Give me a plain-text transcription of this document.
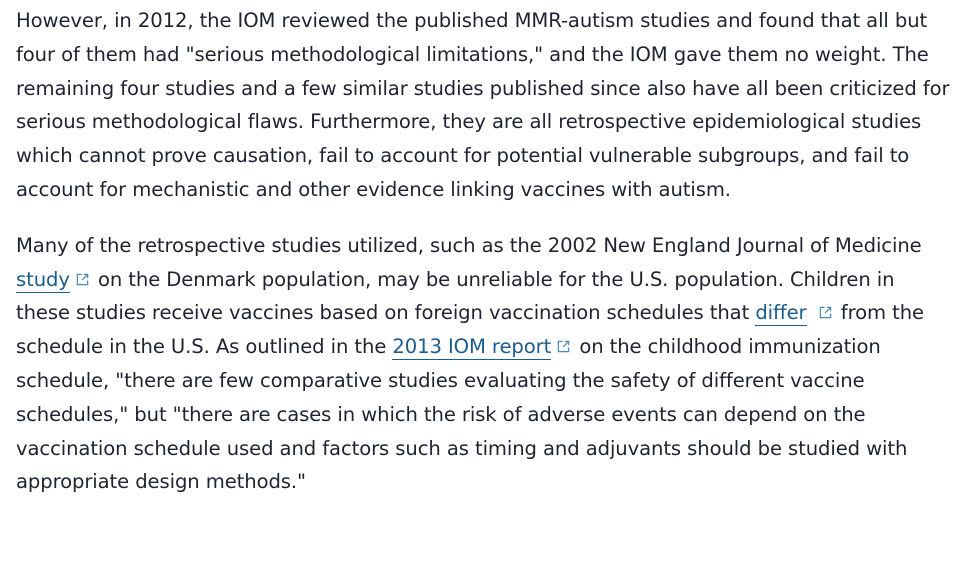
However, in 2012, the IOM reviewed the published MMR-autism studies and found that all but four of them had "serious methodological limitations," and the IOM gave them no weight. The remaining four studies and a few similar studies published since also have all been criticized for serious methodological flaws. Furthermore, they are all retrospective epidemiological studies which cannot prove causation, fail to account for potential vulnerable subgroups, and fail to account for mechanistic and other evidence linking vaccines with autism.

Many of the retrospective studies utilized, such as the 2002 New England Journal of Medicine study
on the Denmark population, may be unreliable for the U.S. population. Children in these studies receive vaccines based on foreign vaccination schedules that differ
from the schedule in the U.S. As outlined in the 2013 IOM report
on the childhood immunization schedule, "there are few comparative studies evaluating the safety of different vaccine schedules," but "there are cases in which the risk of adverse events can depend on the vaccination schedule used and factors such as timing and adjuvants should be studied with appropriate design methods."
